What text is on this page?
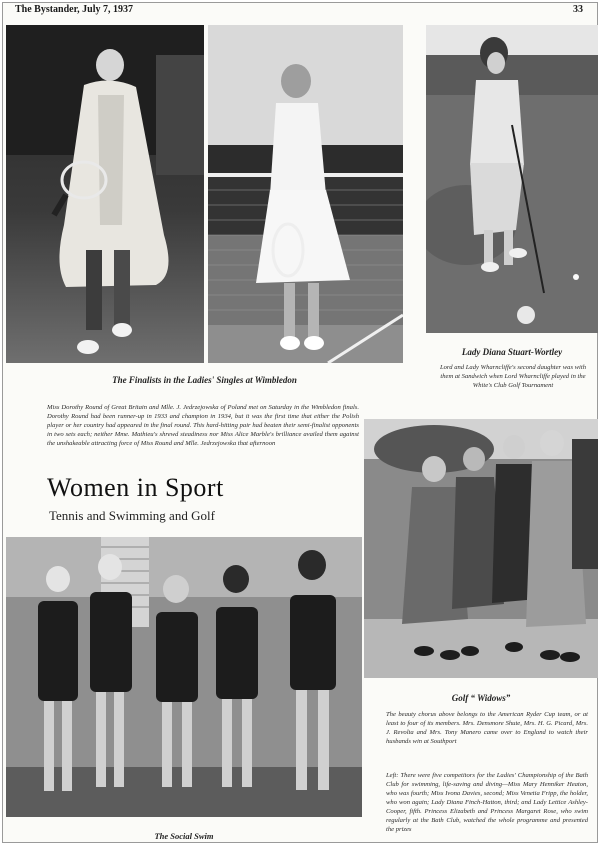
The Bystander, July 7, 1937	33
The Finalists in the Ladies' Singles at Wimbledon
Lady Diana Stuart-Wortley
Lord and Lady Wharncliffe's second daughter was with them at Sandwich when Lord Wharncliffe played in the White's Club Golf Tournament
Miss Dorothy Round of Great Britain and Mlle. J. Jedrzejowska of Poland met on Saturday in the Wimbledon finals. Dorothy Round had been runner-up in 1933 and champion in 1934, but it was the first time that either the Polish player or her country had appeared in the final round. This hard-hitting pair had beaten their semi-finalist opponents in two sets each; neither Mme. Mathieu's shrewd steadiness nor Miss Alice Marble's brilliance availed them against the unshakeable attracting force of Miss Round and Mlle. Jedrzejowska that afternoon
Women in Sport
Tennis and Swimming and Golf
Golf “ Widows”
The beauty chorus above belongs to the American Ryder Cup team, or at least to four of its members. Mrs. Densmore Shute, Mrs. H. G. Picard, Mrs. J. Revolta and Mrs. Tony Manero came over to England to watch their husbands win at Southport
The Social Swim
Left: There were five competitors for the Ladies' Championship of the Bath Club for swimming, life-saving and diving—Miss Mary Henniker Heaton, who was fourth; Miss Ivona Davies, second; Miss Venetia Fripp, the holder, who won again; Lady Diana Finch-Hatton, third; and Lady Lettice Ashley-Cooper, fifth. Princess Elizabeth and Princess Margaret Rose, who swim regularly at the Bath Club, watched the whole programme and presented the prizes
